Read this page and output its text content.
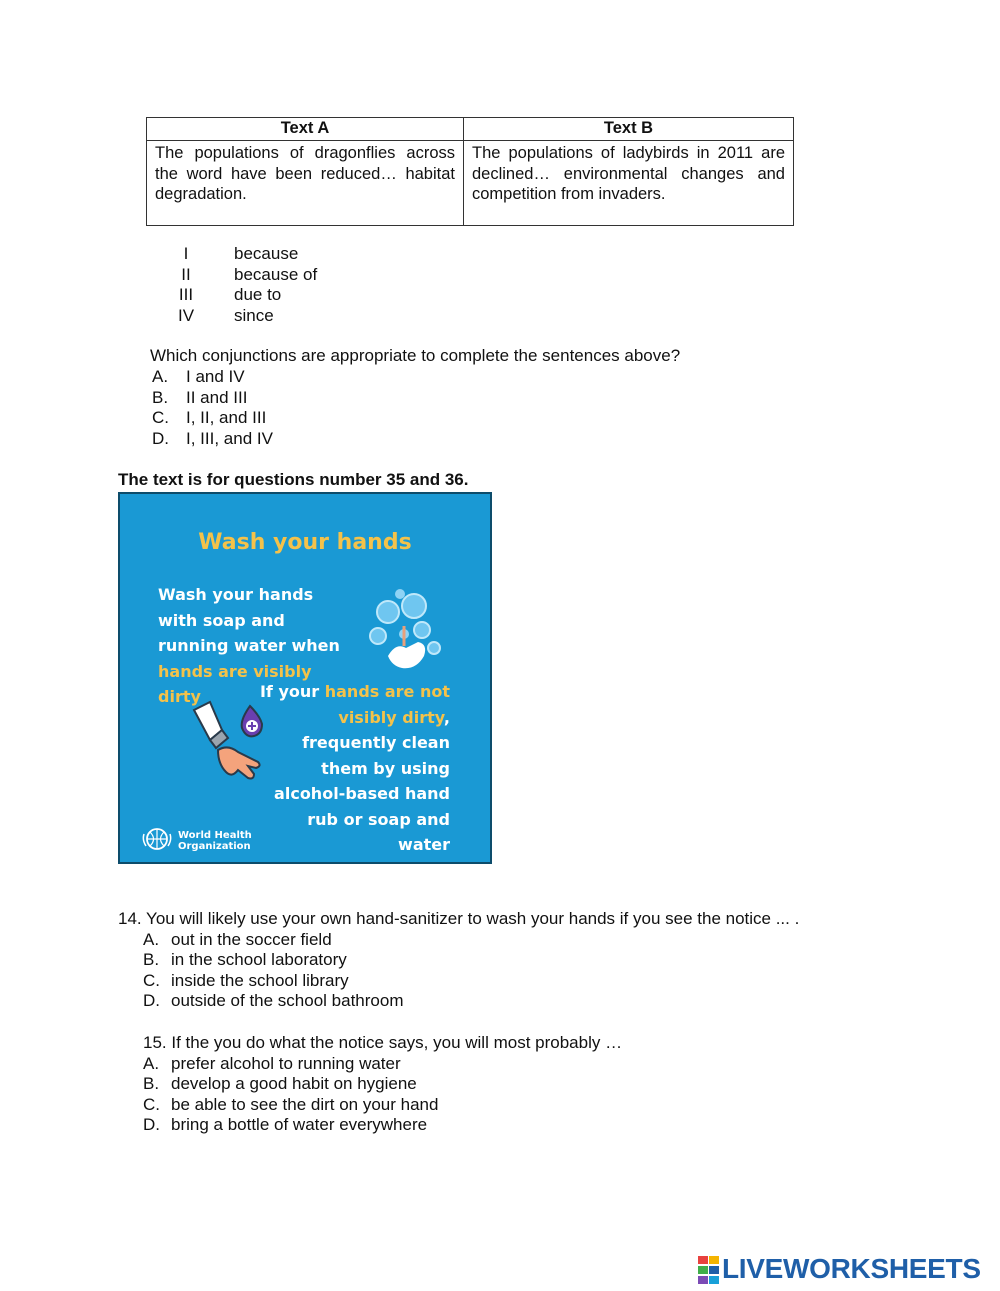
Text A	Text B
The populations of dragonflies across the word have been reduced… habitat degradation.	The populations of ladybirds in 2011 are declined… environmental changes and competition from invaders.
I	because
II	because of
III	due to
IV	since
Which conjunctions are appropriate to complete the sentences above?
A. I and IV
B. II and III
C. I, II, and III
D. I, III, and IV
The text is for questions number 35 and 36.
Wash your hands
Wash your hands with soap and running water when hands are visibly dirty	If your hands are not visibly dirty, frequently clean them by using alcohol-based hand rub or soap and water
World Health
Organization
14. You will likely use your own hand-sanitizer to wash your hands if you see the notice ... .
A. out in the soccer field
B. in the school laboratory
C. inside the school library
D. outside of the school bathroom
15. If the you do what the notice says, you will most probably …
A. prefer alcohol to running water
B. develop a good habit on hygiene
C. be able to see the dirt on your hand
D. bring a bottle of water everywhere
LIVEWORKSHEETS
